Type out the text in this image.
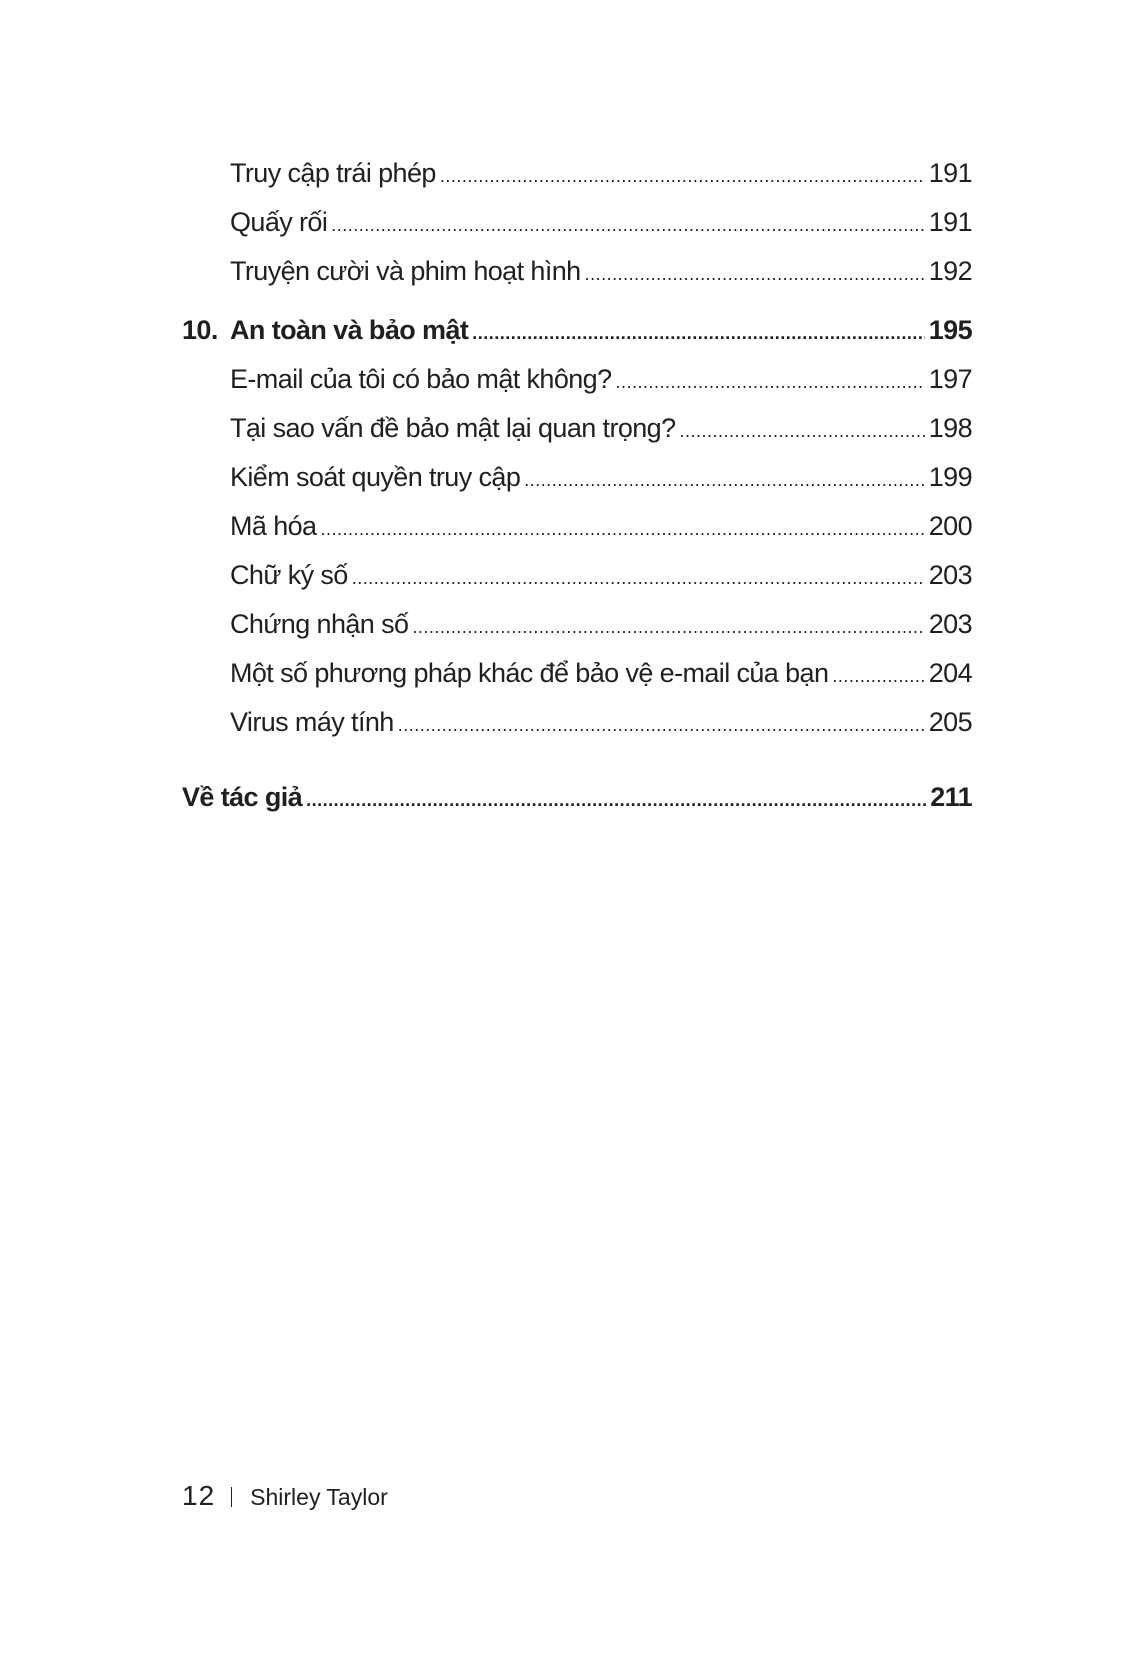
Truy cập trái phép .....	191
Quấy rối .....	191
Truyện cười và phim hoạt hình .....	192
10. An toàn và bảo mật .....	195
E-mail của tôi có bảo mật không? .....	197
Tại sao vấn đề bảo mật lại quan trọng? .....	198
Kiểm soát quyền truy cập .....	199
Mã hóa .....	200
Chữ ký số .....	203
Chứng nhận số .....	203
Một số phương pháp khác để bảo vệ e-mail của bạn .....	204
Virus máy tính .....	205
Về tác giả .....	211
12 Shirley Taylor
